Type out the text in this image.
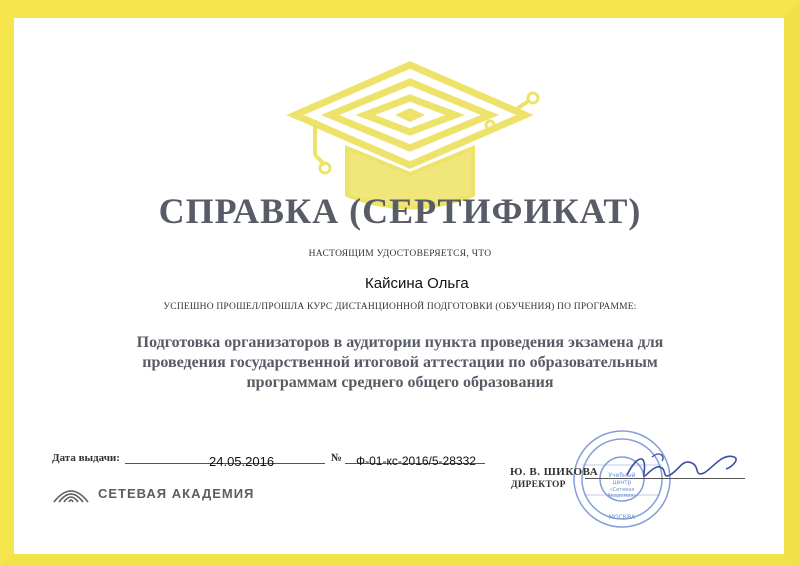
СПРАВКА (СЕРТИФИКАТ)
НАСТОЯЩИМ УДОСТОВЕРЯЕТСЯ, ЧТО
Кайсина Ольга
УСПЕШНО ПРОШЕЛ/ПРОШЛА КУРС ДИСТАНЦИОННОЙ ПОДГОТОВКИ (ОБУЧЕНИЯ) ПО ПРОГРАММЕ:
Подготовка организаторов в аудитории пункта проведения экзамена для
проведения государственной итоговой аттестации по образовательным
программам среднего общего образования
Дата выдачи:	24.05.2016	№ Ф-01-кс-2016/5-28332
Учебный
центр
«Сетевая
Академия»
МОСКВА
Ю. В. ШИКОВА
ДИРЕКТОР
СЕТЕВАЯ АКАДЕМИЯ
